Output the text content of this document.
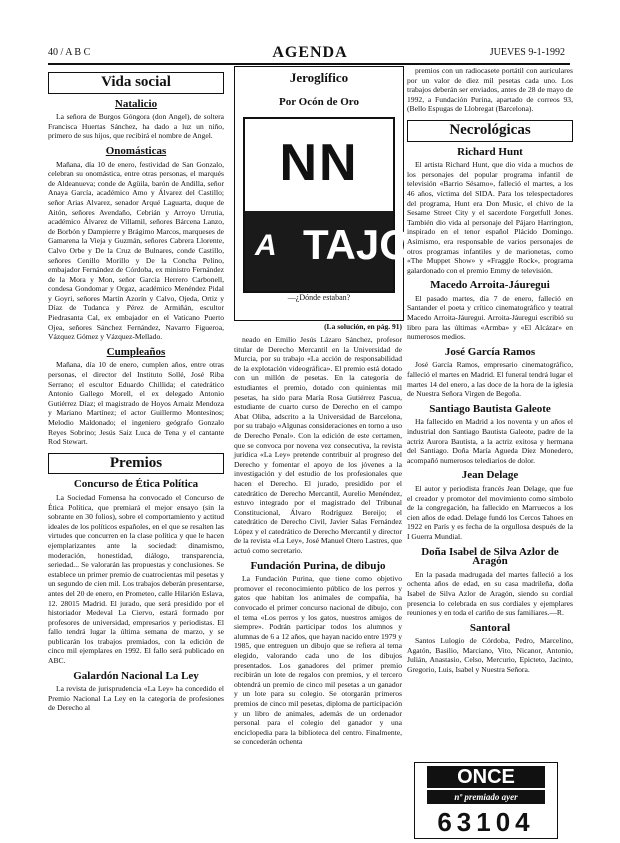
40 / A B C	AGENDA	JUEVES 9-1-1992
Vida social
Natalicio

La señora de Burgos Góngora (don Angel), de soltera Francisca Huertas Sánchez, ha dado a luz un niño, primero de sus hijos, que recibirá el nombre de Angel.

Onomásticas

Mañana, día 10 de enero, festividad de San Gonzalo, celebran su onomástica, entre otras personas, el marqués de Aldeanueva; conde de Agüila, barón de Andilla, señor Anaya García, académico Amo y Álvarez del Castillo; señor Arias Alvarez, senador Arqué Laguarta, duque de Aitón, señores Avendaño, Cebrián y Arroyo Urrutia, académico Álvarez de Villamil, señores Bárcena Lanzo, de Borbón y Dampierre y Brágimo Marcos, marqueses de Gamarena la Vieja y Guzmán, señores Cabrera Llorente, Calvo Orbe y De la Cruz de Bulnares, conde Castillo, señores Cenillo Morillo y De la Concha Pelino, embajador Fernández de Córdoba, ex ministro Fernández de la Mora y Mon, señor García Herrero Carbonell, condesa Gondomar y Orgaz, académico Menéndez Pidal y Goyri, señores Martín Azorín y Calvo, Ojeda, Ortiz y Díaz de Tudanca y Pérez de Armiñán, escultor Piedrasanta Cal, ex embajador en el Vaticano Puerto Ojea, señores Sánchez Fernández, Navarro Figueroa, Vázquez Gómez y Vázquez-Mellado.

Cumpleaños

Mañana, día 10 de enero, cumplen años, entre otras personas, el director del Instituto Sollé, José Riba Serrano; el escultor Eduardo Chillida; el catedrático Antonio Gallego Morell, el ex delegado Antonio Gutiérrez Díaz; el magistrado de Hoyos Arnaiz Mendoza y Mariano Martínez; el actor Guillermo Montesinos; Melodio Maldonado; el ingeniero geógrafo Gonzalo Reyes Sobrino; Jesús Saiz Luca de Tena y el cantante Rod Stewart.

Premios
Concurso de Ética Política

La Sociedad Fomensa ha convocado el Concurso de Ética Política, que premiará el mejor ensayo (sin la sobrante en 30 folios), sobre el comportamiento y actitud ideales de los políticos españoles, en el que se resalten las virtudes que concurren en la clase política y que le hacen ejemplarizantes ante la sociedad: dinamismo, moderación, honestidad, diálogo, transparencia, seriedad... Se valorarán las propuestas y conclusiones. Se establece un primer premio de cuatrocientas mil pesetas y un segundo de cien mil. Los trabajos deberán presentarse, antes del 20 de enero, en Prometeo, calle Hilarión Eslava, 12. 28015 Madrid. El jurado, que será presidido por el historiador Medeval La Ciervo, estará formado por profesores de universidad, empresarios y periodistas. El fallo tendrá lugar la última semana de marzo, y se publicarán los trabajos premiados, con la edición de cinco mil ejemplares en 1992. El fallo será publicado en ABC.

Galardón Nacional La Ley

La revista de jurisprudencia «La Ley» ha concedido el Premio Nacional La Ley en la categoría de profesiones de Derecho al

Jeroglífico
Por Ocón de Oro
NN
A TAJO
—¿Dónde estaban?
(La solución, en pág. 91)

neado en Emilio Jesús Lázaro Sánchez, profesor titular de Derecho Mercantil en la Universidad de Murcia, por su trabajo «La acción de responsabilidad de la explotación videográfica». El premio está dotado con un millón de pesetas. En la categoría de estudiantes el premio, dotado con quinientas mil pesetas, ha sido para María Rosa Gutiérrez Pascua, estudiante de cuarto curso de Derecho en el campo Abat Oliba, adscrito a la Universidad de Barcelona, por su trabajo «Algunas consideraciones en torno a uso de Derecho Penal». Con la edición de este certamen, que se convoca por novena vez consecutiva, la revista jurídica «La Ley» pretende contribuir al progreso del Derecho y fomentar el apoyo de los jóvenes a la investigación y del estudio de los profesionales que hacen el Derecho. El jurado, presidido por el catedrático de Derecho Mercantil, Aurelio Menéndez, estuvo integrado por el magistrado del Tribunal Constitucional, Álvaro Rodríguez Bereijo; el catedrático de Derecho Civil, Javier Salas Fernández López y el catedrático de Derecho Mercantil y director de la revista «La Ley», José Manuel Otero Lastres, que actuó como secretario.

Fundación Purina, de dibujo

La Fundación Purina, que tiene como objetivo promover el reconocimiento público de los perros y gatos que habitan los animales de compañía, ha convocado el primer concurso nacional de dibujo, con el tema «Los perros y los gatos, nuestros amigos de siempre». Podrán participar todos los alumnos y alumnas de 6 a 12 años, que hayan nacido entre 1979 y 1985, que entreguen un dibujo que se refiera al tema elegido, valorando cada uno de los dibujos presentados. Los ganadores del primer premio recibirán un lote de regalos con premios, y el tercero obtendrá un premio de cinco mil pesetas a un ganador y un lote para su colegio. Se otorgarán primeros premios de cinco mil pesetas, diploma de participación y un libro de animales, además de un ordenador personal para el colegio del ganador y una enciclopedia para la biblioteca del centro. Finalmente, se concederán ochenta

premios con un radiocasete portátil con auriculares por un valor de diez mil pesetas cada uno. Los trabajos deberán ser enviados, antes de 28 de mayo de 1992, a Fundación Purina, apartado de correos 93, (Bello Espugas de Llobregat (Barcelona).

Necrológicas
Richard Hunt

El artista Richard Hunt, que dio vida a muchos de los personajes del popular programa infantil de televisión «Barrio Sésamo», falleció el martes, a los 46 años, víctima del SIDA. Para los telespectadores del programa, Hunt era Don Music, el chivo de la Sesame Street City y el sacerdote Forgetfull Jones. También dio vida al personaje del Pájaro Harrington, inspirado en el tenor español Plácido Domingo. Asimismo, era responsable de varios personajes de otros programas infantiles y de marionetas, como «The Muppet Show» y «Fraggle Rock», programa galardonado con el premio Emmy de televisión.

Macedo Arroita-Jáuregui

El pasado martes, día 7 de enero, falleció en Santander el poeta y crítico cinematográfico y teatral Macedo Arroita-Jáuregui. Arroita-Jáuregui escribió su libro para las últimas «Armba» y «El Alcázar» en numerosos medios.

José García Ramos

José García Ramos, empresario cinematográfico, falleció el martes en Madrid. El funeral tendrá lugar el martes 14 del enero, a las doce de la hora de la iglesia de Nuestra Señora Virgen de Begoña.

Santiago Bautista Galeote

Ha fallecido en Madrid a los noventa y un años el industrial don Santiago Bautista Galeote, padre de la actriz Aurora Bautista, a la actriz exitosa y hermana del Santiago. Doña María Agueda Díez Monedero, acompañó numerosos telediarios de dolor.

Jean Delage

El autor y periodista francés Jean Delage, que fue el creador y promotor del movimiento como símbolo de la congregación, ha fallecido en Marruecos a los cien años de edad. Delage fundó los Cercos Tahoes en 1922 en París y es fecha de la orgullosa después de la I Guerra Mundial.

Doña Isabel de Silva Azlor de Aragón

En la pasada madrugada del martes falleció a los ochenta años de edad, en su casa madrileña, doña Isabel de Silva Azlor de Aragón, siendo su cordial presencia lo celebrada en sus cordiales y ejemplares reuniones y en toda el cariño de sus familiares.—R.

Santoral

Santos Lulogio de Córdoba, Pedro, Marcelino, Agatón, Basilio, Marciano, Vito, Nicanor, Antonio, Julián, Anastasio, Celso, Mercurio, Epicteto, Jacinto, Gregorio, Luis, Isabel y Nuestra Señora.

ONCE
nº premiado ayer
63104
